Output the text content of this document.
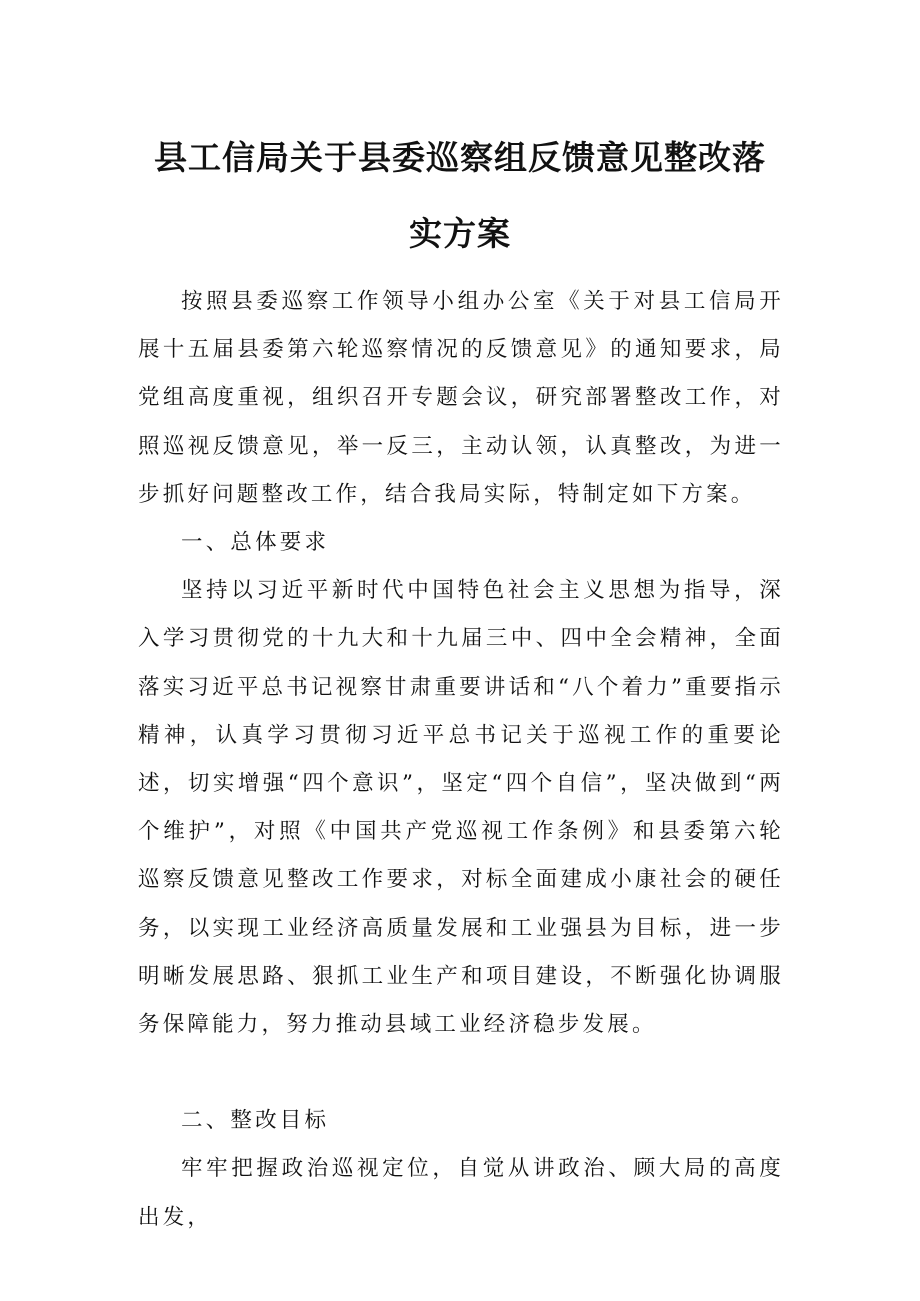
县工信局关于县委巡察组反馈意见整改落
实方案

按照县委巡察工作领导小组办公室《关于对县工信局开展十五届县委第六轮巡察情况的反馈意见》的通知要求，局党组高度重视，组织召开专题会议，研究部署整改工作，对照巡视反馈意见，举一反三，主动认领，认真整改，为进一步抓好问题整改工作，结合我局实际，特制定如下方案。

一、总体要求

坚持以习近平新时代中国特色社会主义思想为指导，深入学习贯彻党的十九大和十九届三中、四中全会精神，全面落实习近平总书记视察甘肃重要讲话和“八个着力”重要指示精神，认真学习贯彻习近平总书记关于巡视工作的重要论述，切实增强“四个意识”，坚定“四个自信”，坚决做到“两个维护”，对照《中国共产党巡视工作条例》和县委第六轮巡察反馈意见整改工作要求，对标全面建成小康社会的硬任务，以实现工业经济高质量发展和工业强县为目标，进一步明晰发展思路、狠抓工业生产和项目建设，不断强化协调服务保障能力，努力推动县域工业经济稳步发展。

二、整改目标

牢牢把握政治巡视定位，自觉从讲政治、顾大局的高度出发，
